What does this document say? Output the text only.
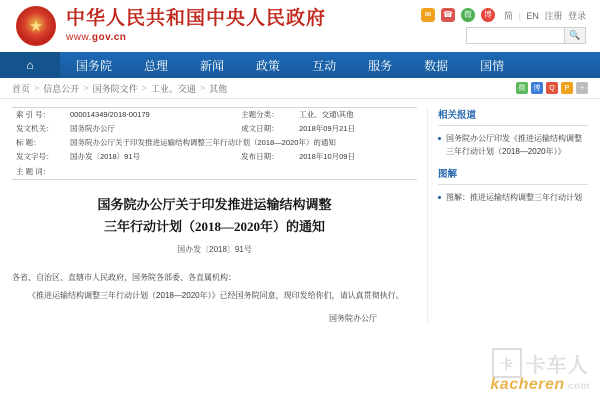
★ 中华人民共和国中央人民政府
www.gov.cn
✉	☎	微	博	简 | EN 注册 登录
🔍
⌂	国务院	总理	新闻	政策	互动	服务	数据	国情
首页 > 信息公开 > 国务院文件 > 工业、交通 > 其他	微	博	Q	P	+
索 引 号：	000014349/2018-00179	主题分类：	工业、交通\其他
发文机关：	国务院办公厅	成文日期：	2018年09月21日
标 题：	国务院办公厅关于印发推进运输结构调整三年行动计划（2018—2020年）的通知		
发文字号：	国办发〔2018〕91号	发布日期：	2018年10月09日
主 题 词：			
国务院办公厅关于印发推进运输结构调整
三年行动计划（2018—2020年）的通知
国办发〔2018〕91号

各省、自治区、直辖市人民政府，国务院各部委、各直属机构：

《推进运输结构调整三年行动计划（2018—2020年）》已经国务院同意，现印发给你们，请认真贯彻执行。

国务院办公厅
相关报道
国务院办公厅印发《推进运输结构调整三年行动计划（2018—2020年）》
图解
图解：推进运输结构调整三年行动计划
卡 卡车人
kacheren.com
